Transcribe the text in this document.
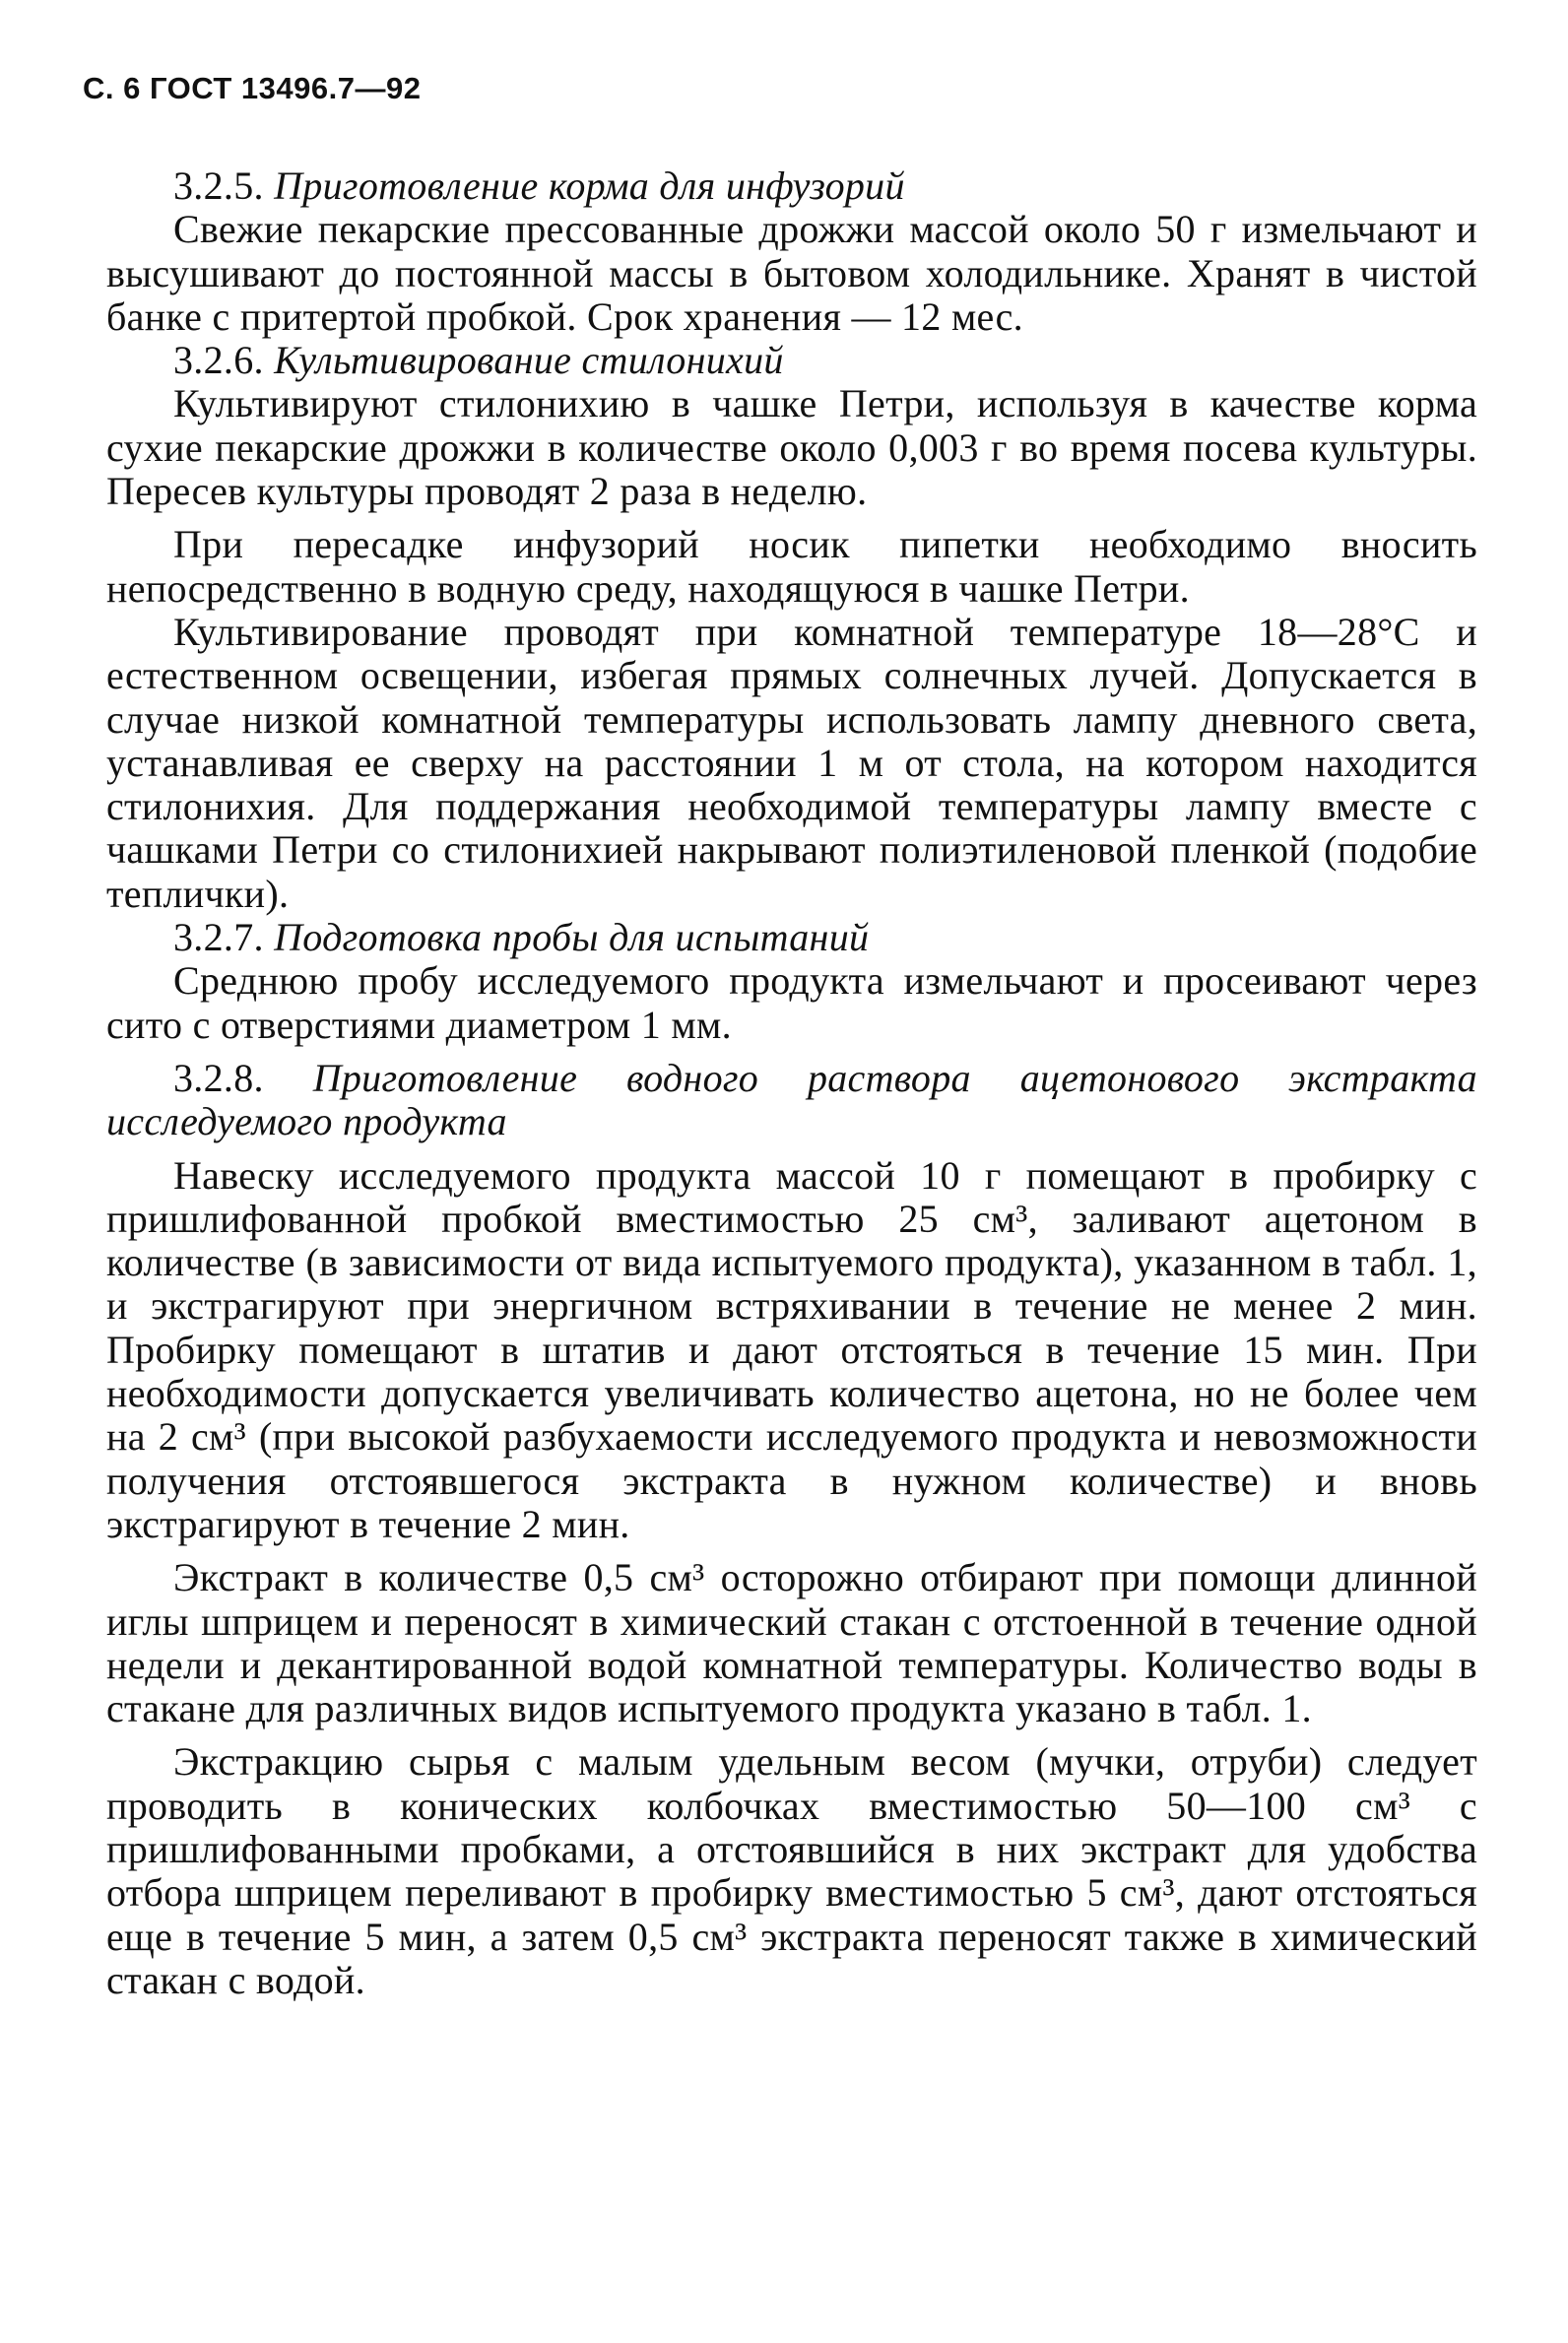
С. 6 ГОСТ 13496.7—92

3.2.5. Приготовление корма для инфузорий

Свежие пекарские прессованные дрожжи массой около 50 г измельчают и высушивают до постоянной массы в бытовом холодильнике. Хранят в чистой банке с притертой пробкой. Срок хранения — 12 мес.

3.2.6. Культивирование стилонихий

Культивируют стилонихию в чашке Петри, используя в качестве корма сухие пекарские дрожжи в количестве около 0,003 г во время посева культуры. Пересев культуры проводят 2 раза в неделю.

При пересадке инфузорий носик пипетки необходимо вносить непосредственно в водную среду, находящуюся в чашке Петри.

Культивирование проводят при комнатной температуре 18—28°С и естественном освещении, избегая прямых солнечных лучей. Допускается в случае низкой комнатной температуры использовать лампу дневного света, устанавливая ее сверху на расстоянии 1 м от стола, на котором находится стилонихия. Для поддержания необходимой температуры лампу вместе с чашками Петри со стилонихией накрывают полиэтиленовой пленкой (подобие теплички).

3.2.7. Подготовка пробы для испытаний

Среднюю пробу исследуемого продукта измельчают и просеивают через сито с отверстиями диаметром 1 мм.

3.2.8. Приготовление водного раствора ацетонового экстракта исследуемого продукта

Навеску исследуемого продукта массой 10 г помещают в пробирку с пришлифованной пробкой вместимостью 25 см³, заливают ацетоном в количестве (в зависимости от вида испытуемого продукта), указанном в табл. 1, и экстрагируют при энергичном встряхивании в течение не менее 2 мин. Пробирку помещают в штатив и дают отстояться в течение 15 мин. При необходимости допускается увеличивать количество ацетона, но не более чем на 2 см³ (при высокой разбухаемости исследуемого продукта и невозможности получения отстоявшегося экстракта в нужном количестве) и вновь экстрагируют в течение 2 мин.

Экстракт в количестве 0,5 см³ осторожно отбирают при помощи длинной иглы шприцем и переносят в химический стакан с отстоенной в течение одной недели и декантированной водой комнатной температуры. Количество воды в стакане для различных видов испытуемого продукта указано в табл. 1.

Экстракцию сырья с малым удельным весом (мучки, отруби) следует проводить в конических колбочках вместимостью 50—100 см³ с пришлифованными пробками, а отстоявшийся в них экстракт для удобства отбора шприцем переливают в пробирку вместимостью 5 см³, дают отстояться еще в течение 5 мин, а затем 0,5 см³ экстракта переносят также в химический стакан с водой.
